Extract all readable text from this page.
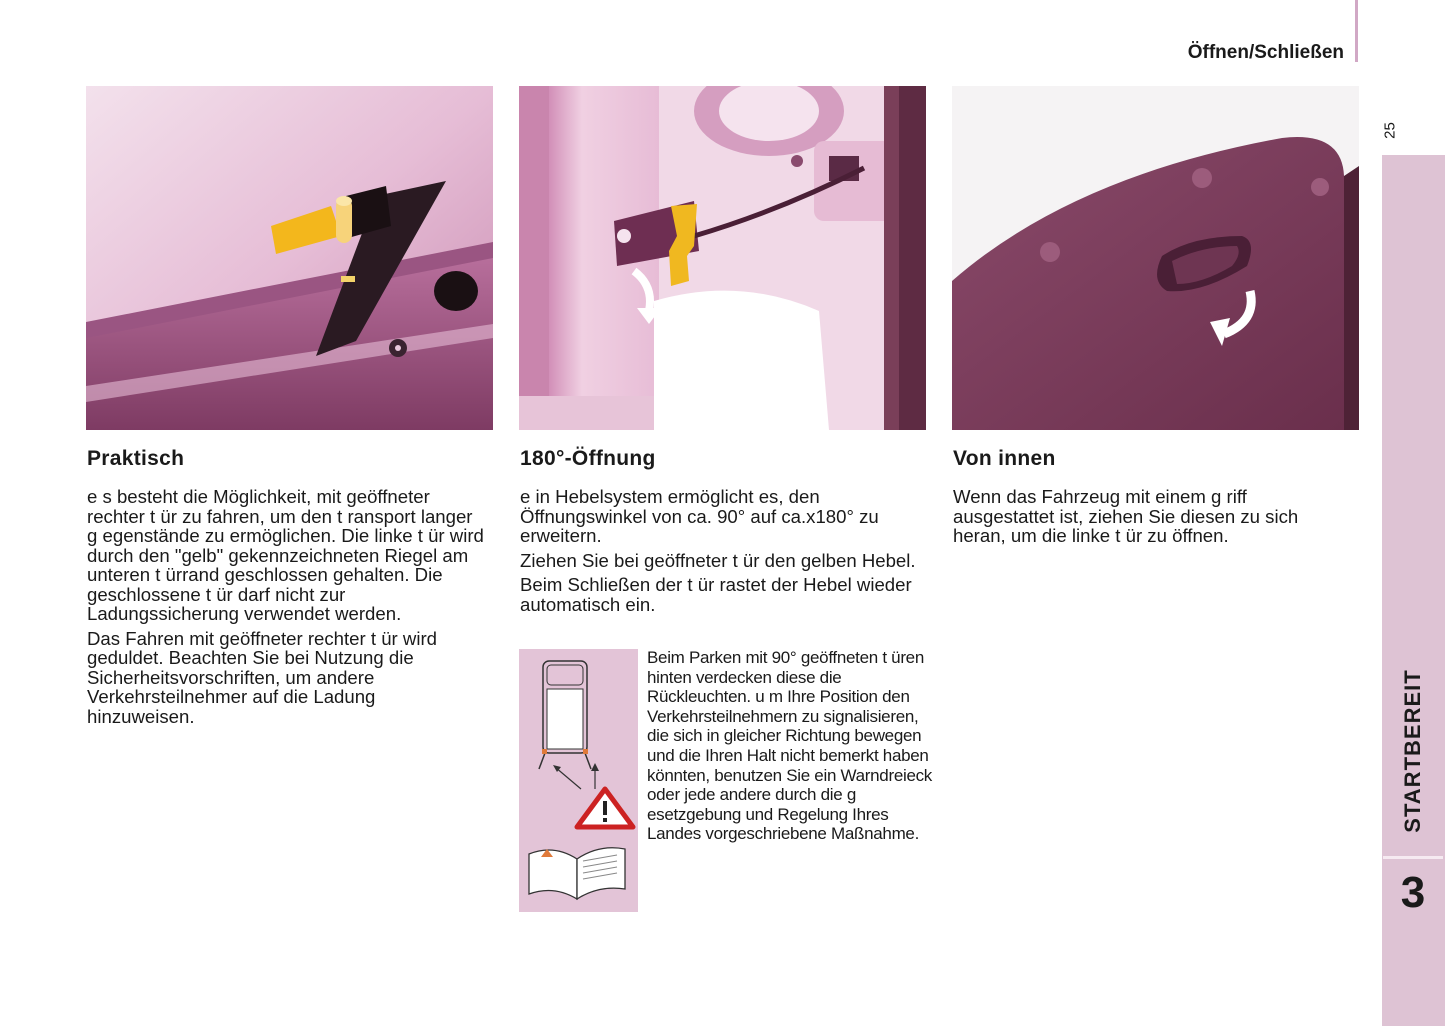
Öffnen/Schließen
25
STARTBEREIT
3
Praktisch	180°-Öffnung	Von innen

e s besteht die Möglichkeit, mit geöffneter rechter t ür zu fahren, um den t ransport langer g egenstände zu ermöglichen. Die linke t ür wird durch den "gelb" gekennzeichneten Riegel am unteren t ürrand geschlossen gehalten. Die geschlossene t ür darf nicht zur Ladungssicherung verwendet werden.

Das Fahren mit geöffneter rechter t ür wird geduldet. Beachten Sie bei Nutzung die Sicherheitsvorschriften, um andere Verkehrsteilnehmer auf die Ladung hinzuweisen.

e in Hebelsystem ermöglicht es, den Öffnungswinkel von ca. 90° auf ca.x180° zu erweitern.

Ziehen Sie bei geöffneter t ür den gelben Hebel.

Beim Schließen der t ür rastet der Hebel wieder automatisch ein.

Beim Parken mit 90° geöffneten t üren hinten verdecken diese die Rückleuchten. u m Ihre Position den Verkehrsteilnehmern zu signalisieren, die sich in gleicher Richtung bewegen und die Ihren Halt nicht bemerkt haben könnten, benutzen Sie ein Warndreieck oder jede andere durch die g esetzgebung und Regelung Ihres Landes vorgeschriebene Maßnahme.

Wenn das Fahrzeug mit einem g riff ausgestattet ist, ziehen Sie diesen zu sich heran, um die linke t ür zu öffnen.
